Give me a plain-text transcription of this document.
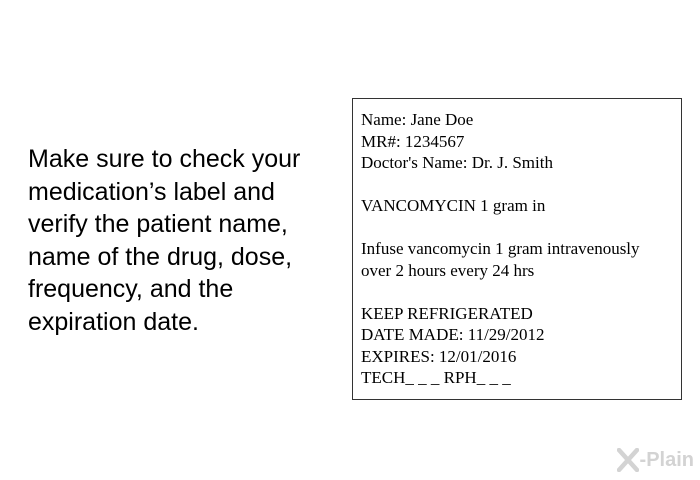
Make sure to check your
medication’s label and
verify the patient name,
name of the drug, dose,
frequency, and the
expiration date.

Name: Jane Doe
MR#: 1234567
Doctor's Name: Dr. J. Smith
VANCOMYCIN 1 gram in
Infuse vancomycin 1 gram intravenously
over 2 hours every 24 hrs
KEEP REFRIGERATED
DATE MADE: 11/29/2012
EXPIRES: 12/01/2016
TECH_ _ _ RPH_ _ _
-Plain
